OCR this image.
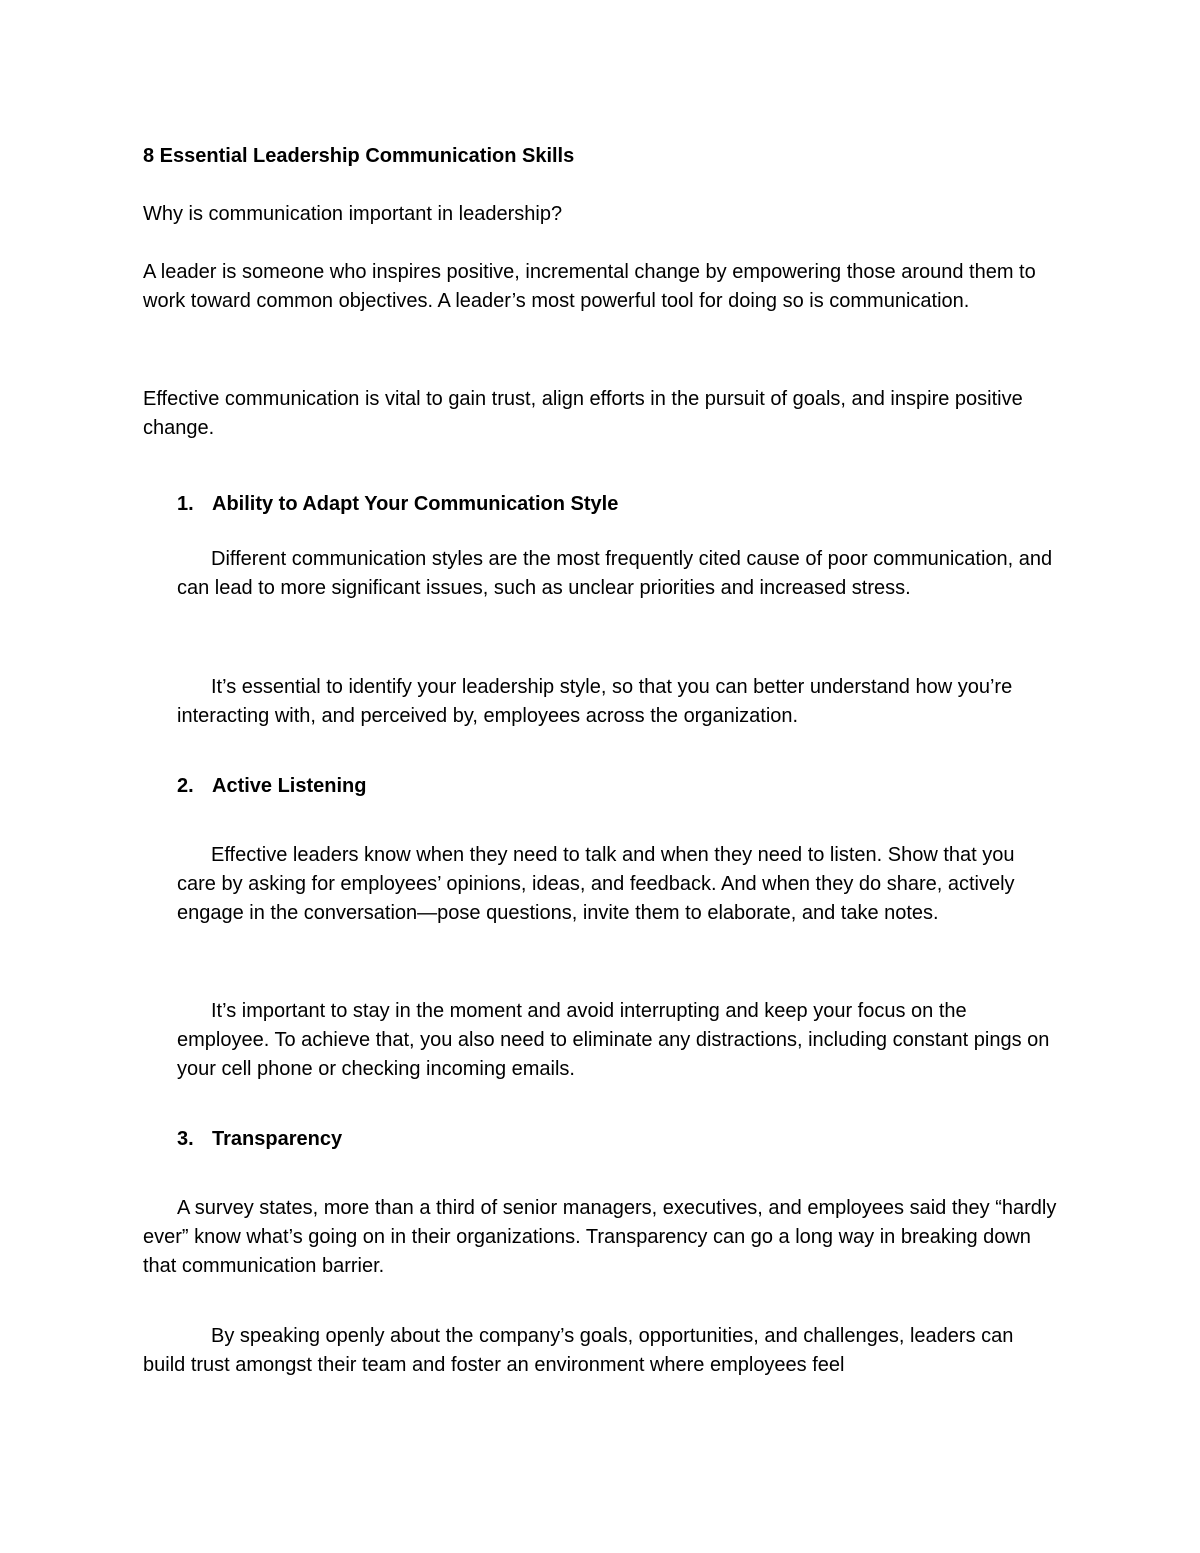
8 Essential Leadership Communication Skills

Why is communication important in leadership?

A leader is someone who inspires positive, incremental change by empowering those around them to work toward common objectives. A leader’s most powerful tool for doing so is communication.

Effective communication is vital to gain trust, align efforts in the pursuit of goals, and inspire positive change.

1. Ability to Adapt Your Communication Style

Different communication styles are the most frequently cited cause of poor communication, and can lead to more significant issues, such as unclear priorities and increased stress.

It’s essential to identify your leadership style, so that you can better understand how you’re interacting with, and perceived by, employees across the organization.

2. Active Listening

Effective leaders know when they need to talk and when they need to listen. Show that you care by asking for employees’ opinions, ideas, and feedback. And when they do share, actively engage in the conversation—pose questions, invite them to elaborate, and take notes.

It’s important to stay in the moment and avoid interrupting and keep your focus on the employee. To achieve that, you also need to eliminate any distractions, including constant pings on your cell phone or checking incoming emails.

3. Transparency

A survey states, more than a third of senior managers, executives, and employees said they “hardly ever” know what’s going on in their organizations. Transparency can go a long way in breaking down that communication barrier.

By speaking openly about the company’s goals, opportunities, and challenges, leaders can build trust amongst their team and foster an environment where employees feel
